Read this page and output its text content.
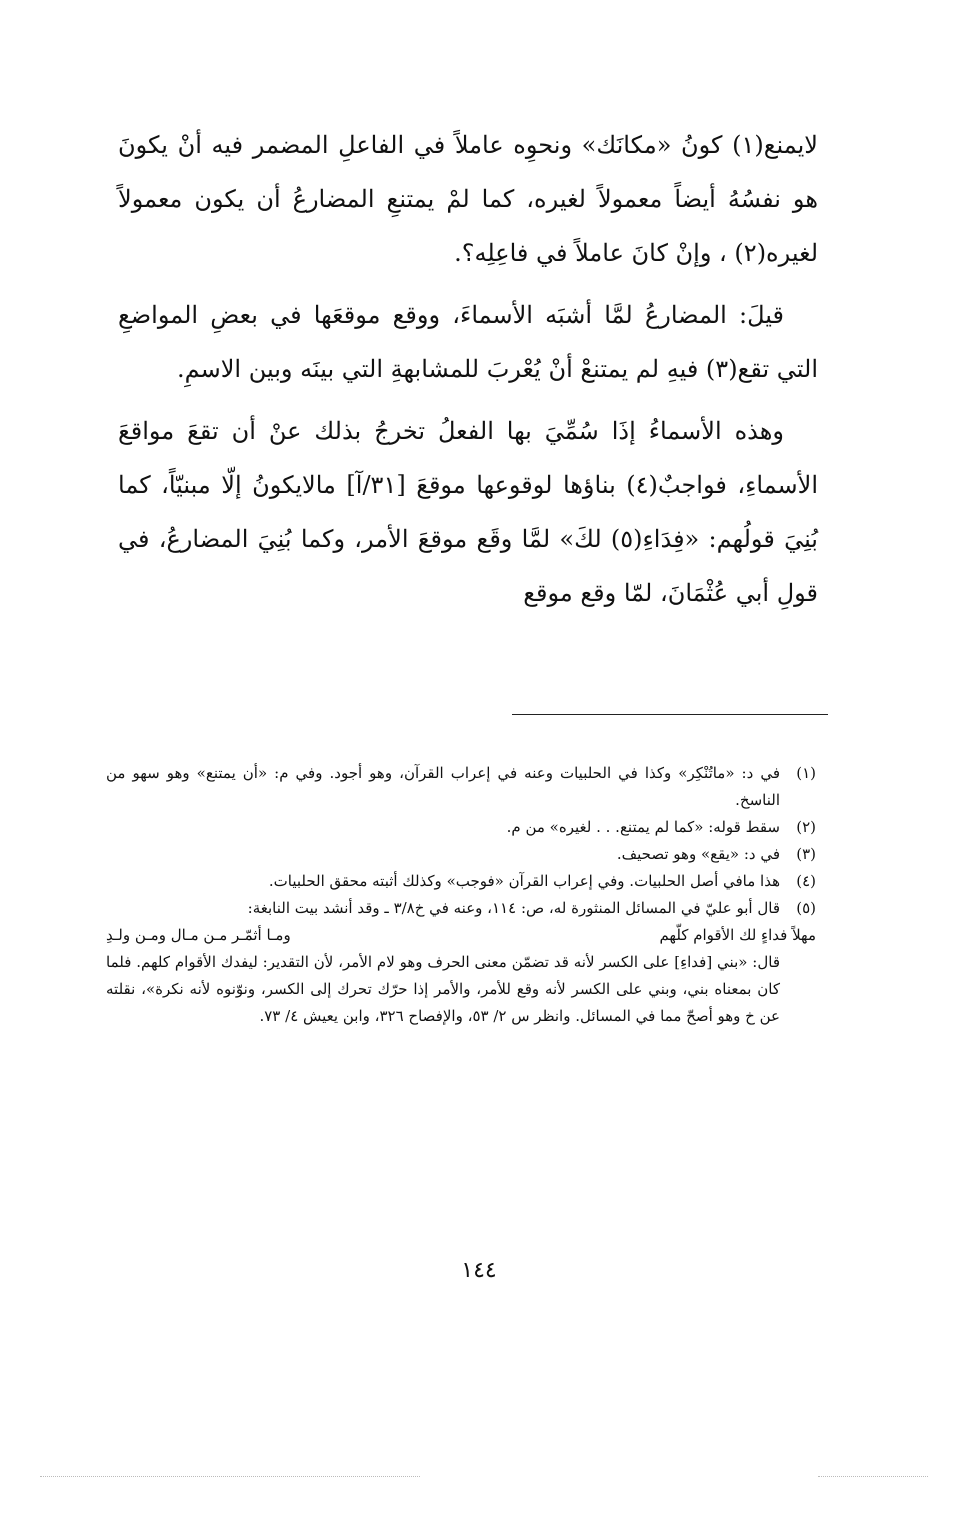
لايمنع(١) كونُ «مكانَك» ونحوِه عاملاً في الفاعلِ المضمر فيه أنْ يكونَ هو نفسُهُ أيضاً معمولاً لغيره، كما لمْ يمتنعِ المضارعُ أن يكون معمولاً لغيره(٢) ، وإنْ كانَ عاملاً في فاعِلِه؟.

قيلَ: المضارعُ لمَّا أشبَه الأسماءَ، ووقع موقعَها في بعضِ المواضعِ التي تقع(٣) فيهِ لم يمتنعْ أنْ يُعْربَ للمشابهةِ التي بينَه وبين الاسمِ.

وهذه الأسماءُ إذَا سُمِّيَ بها الفعلُ تخرجُ بذلك عنْ أن تقعَ مواقعَ الأسماءِ، فواجبٌ(٤) بناؤها لوقوعها موقعَ [٣١/آ] مالايكونُ إلّا مبنيّاً، كما بُنِيَ قولُهم: «فِدَاءِ(٥) لكَ» لمَّا وقَع موقعَ الأمر، وكما بُنِيَ المضارعُ، في قولِ أبي عُثْمَانَ، لمّا وقع موقع

(١)
في د: «ماتُنْكِر» وكذا في الحلبيات وعنه في إعراب القرآن، وهو أجود. وفي م: «أن يمتنع» وهو سهو من الناسخ.
(٢)
سقط قوله: «كما لم يمتنع. . . لغيره» من م.
(٣)
في د: «يقع» وهو تصحيف.
(٤)
هذا مافي أصل الحلبيات. وفي إعراب القرآن «فوجب» وكذلك أثبته محقق الحلبيات.
(٥)
قال أبو عليّ في المسائل المنثورة له، ص: ١١٤، وعنه في خ٣/٨ ـ وقد أنشد بيت النابغة:
مهلاً فداءٍ لك الأقوام كلّهم
ومـا أثمّـر مـن مـال ومـن ولـدِ
قال: «بني [فداءِ] على الكسر لأنه قد تضمّن معنى الحرف وهو لام الأمر، لأن التقدير: ليفدك الأقوام كلهم. فلما كان بمعناه بني، وبني على الكسر لأنه وقع للأمر، والأمر إذا حرّك تحرك إلى الكسر، ونوّنوه لأنه نكرة»، نقلته عن خ وهو أصحّ مما في المسائل. وانظر س ٢/ ٥٣، والإفصاح ٣٢٦، وابن يعيش ٤/ ٧٣.
١٤٤
